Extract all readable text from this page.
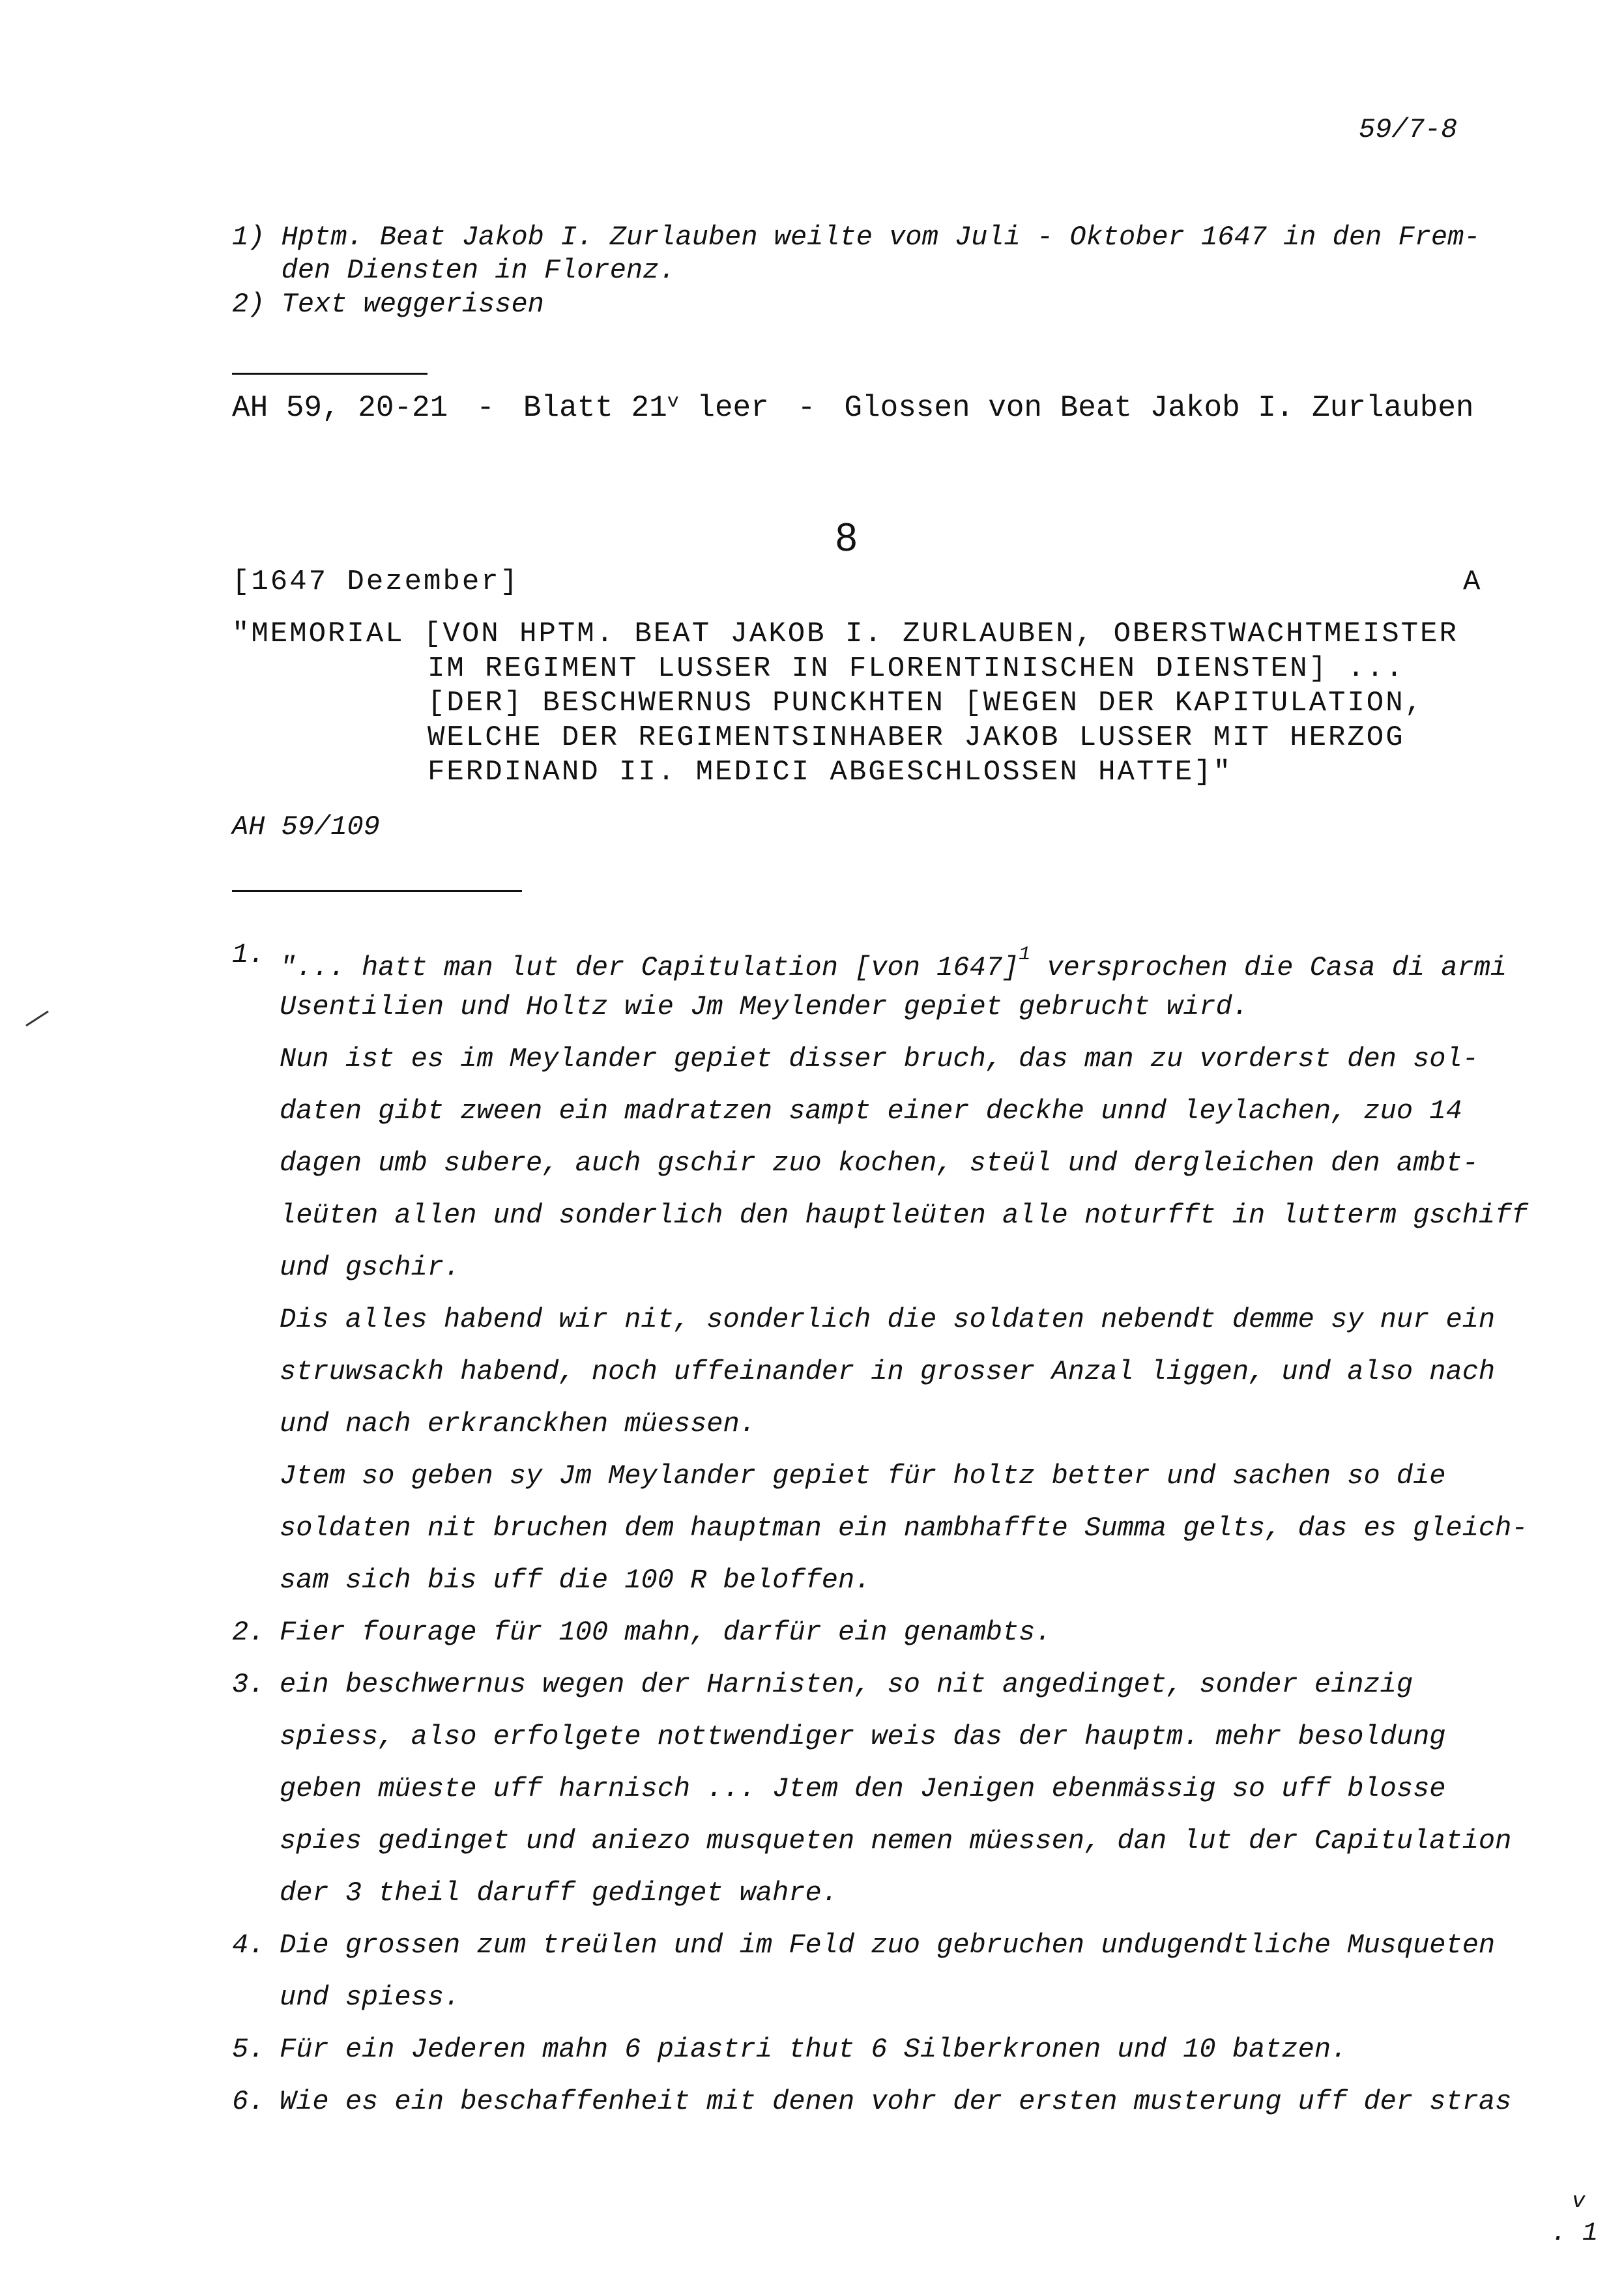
59/7-8
1) Hptm. Beat Jakob I. Zurlauben weilte vom Juli - Oktober 1647 in den Frem-
den Diensten in Florenz.
2) Text weggerissen
AH 59, 20-21 - Blatt 21 v leer - Glossen von Beat Jakob I. Zurlauben
8
[1647 Dezember]	A
"MEMORIAL [VON HPTM. BEAT JAKOB I. ZURLAUBEN, OBERSTWACHTMEISTER
IM REGIMENT LUSSER IN FLORENTINISCHEN DIENSTEN] ...
[DER] BESCHWERNUS PUNCKHTEN [WEGEN DER KAPITULATION,
WELCHE DER REGIMENTSINHABER JAKOB LUSSER MIT HERZOG
FERDINAND II. MEDICI ABGESCHLOSSEN HATTE]"
AH 59/109
1. "... hatt man lut der Capitulation [von 1647]$^1$ versprochen die Casa di armi
Usentilien und Holtz wie Jm Meylender gepiet gebrucht wird.
Nun ist es im Meylander gepiet disser bruch, das man zu vorderst den sol-
daten gibt zween ein madratzen sampt einer deckhe unnd leylachen, zuo 14
dagen umb subere, auch gschir zuo kochen, steül und dergleichen den ambt-
leüten allen und sonderlich den hauptleüten alle noturfft in lutterm gschiff
und gschir.
Dis alles habend wir nit, sonderlich die soldaten nebendt demme sy nur ein
struwsackh habend, noch uffeinander in grosser Anzal liggen, und also nach
und nach erkranckhen müessen.
Jtem so geben sy Jm Meylander gepiet für holtz better und sachen so die
soldaten nit bruchen dem hauptman ein nambhaffte Summa gelts, das es gleich-
sam sich bis uff die 100 R beloffen.
2. Fier fourage für 100 mahn, darfür ein genambts.
3. ein beschwernus wegen der Harnisten, so nit angedinget, sonder einzig
spiess, also erfolgete nottwendiger weis das der hauptm. mehr besoldung
geben müeste uff harnisch ... Jtem den Jenigen ebenmässig so uff blosse
spies gedinget und aniezo musqueten nemen müessen, dan lut der Capitulation
der 3 theil daruff gedinget wahre.
4. Die grossen zum treülen und im Feld zuo gebruchen undugendtliche Musqueten
und spiess.
5. Für ein Jederen mahn 6 piastri thut 6 Silberkronen und 10 batzen.
6. Wie es ein beschaffenheit mit denen vohr der ersten musterung uff der stras
v
. 1
